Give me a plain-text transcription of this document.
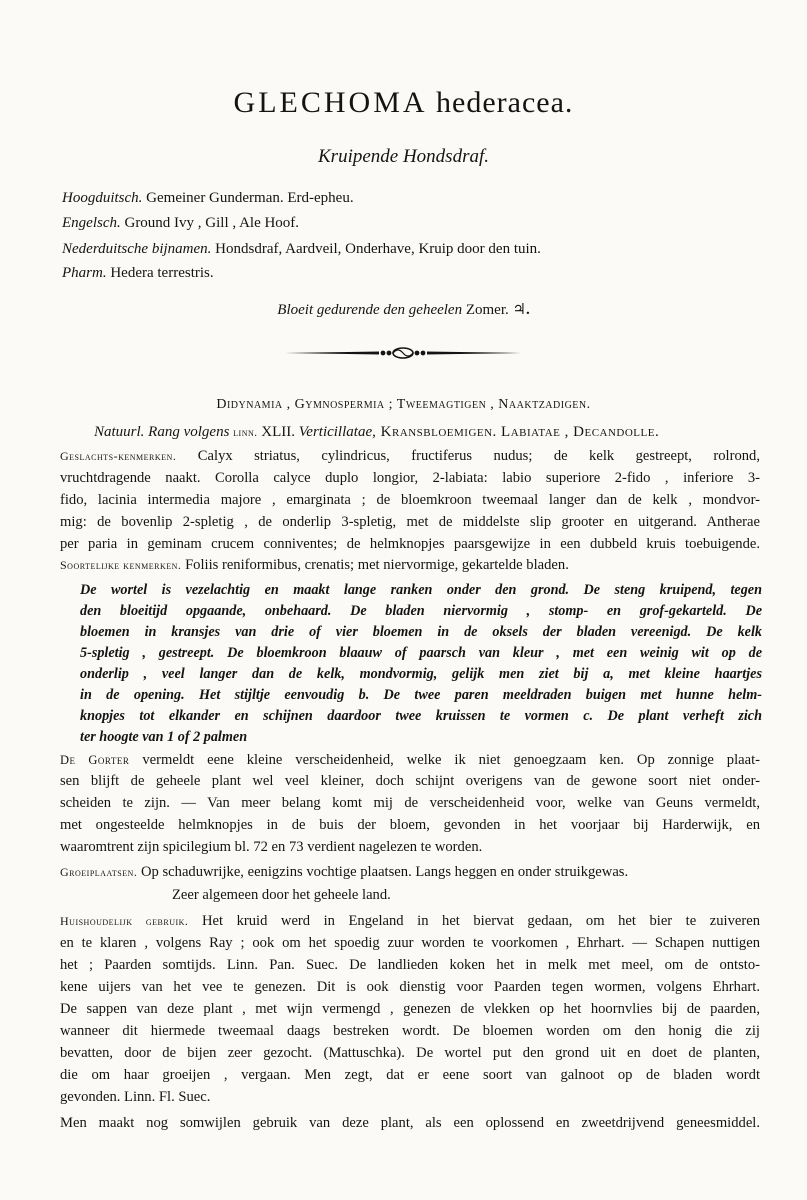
GLECHOMA hederacea.
Kruipende Hondsdraf.
Hoogduitsch. Gemeiner Gunderman. Erd-epheu.
Engelsch. Ground Ivy , Gill , Ale Hoof.
Nederduitsche bijnamen. Hondsdraf, Aardveil, Onderhave, Kruip door den tuin.
Pharm. Hedera terrestris.
Bloeit gedurende den geheelen Zomer. ♃.
Didynamia , Gymnospermia ; Tweemagtigen , Naaktzadigen.
Natuurl. Rang volgens linn. XLII. Verticillatae, Kransbloemigen. Labiatae , Decandolle.
Geslachts-kenmerken. Calyx striatus, cylindricus, fructiferus nudus; de kelk gestreept, rolrond,
vruchtdragende naakt. Corolla calyce duplo longior, 2-labiata: labio superiore 2-fido , inferiore 3-
fido, lacinia intermedia majore , emarginata ; de bloemkroon tweemaal langer dan de kelk , mondvor-
mig: de bovenlip 2-spletig , de onderlip 3-spletig, met de middelste slip grooter en uitgerand. Antherae
per paria in geminam crucem conniventes; de helmknopjes paarsgewijze in een dubbeld kruis toebuigende.
Soortelijke kenmerken. Foliis reniformibus, crenatis; met niervormige, gekartelde bladen.
De wortel is vezelachtig en maakt lange ranken onder den grond. De steng kruipend, tegen
den bloeitijd opgaande, onbehaard. De bladen niervormig , stomp- en grof-gekarteld. De
bloemen in kransjes van drie of vier bloemen in de oksels der bladen vereenigd. De kelk
5-spletig , gestreept. De bloemkroon blaauw of paarsch van kleur , met een weinig wit op de
onderlip , veel langer dan de kelk, mondvormig, gelijk men ziet bij a, met kleine haartjes
in de opening. Het stijltje eenvoudig b. De twee paren meeldraden buigen met hunne helm-
knopjes tot elkander en schijnen daardoor twee kruissen te vormen c. De plant verheft zich
ter hoogte van 1 of 2 palmen
De Gorter vermeldt eene kleine verscheidenheid, welke ik niet genoegzaam ken. Op zonnige plaat-
sen blijft de geheele plant wel veel kleiner, doch schijnt overigens van de gewone soort niet onder-
scheiden te zijn. — Van meer belang komt mij de verscheidenheid voor, welke van Geuns vermeldt,
met ongesteelde helmknopjes in de buis der bloem, gevonden in het voorjaar bij Harderwijk, en
waaromtrent zijn spicilegium bl. 72 en 73 verdient nagelezen te worden.
Groeiplaatsen. Op schaduwrijke, eenigzins vochtige plaatsen. Langs heggen en onder struikgewas.
Zeer algemeen door het geheele land.
Huishoudelijk gebruik. Het kruid werd in Engeland in het biervat gedaan, om het bier te zuiveren
en te klaren , volgens Ray ; ook om het spoedig zuur worden te voorkomen , Ehrhart. — Schapen nuttigen
het ; Paarden somtijds. Linn. Pan. Suec. De landlieden koken het in melk met meel, om de ontsto-
kene uijers van het vee te genezen. Dit is ook dienstig voor Paarden tegen wormen, volgens Ehrhart.
De sappen van deze plant , met wijn vermengd , genezen de vlekken op het hoornvlies bij de paarden,
wanneer dit hiermede tweemaal daags bestreken wordt. De bloemen worden om den honig die zij
bevatten, door de bijen zeer gezocht. (Mattuschka). De wortel put den grond uit en doet de planten,
die om haar groeijen , vergaan. Men zegt, dat er eene soort van galnoot op de bladen wordt
gevonden. Linn. Fl. Suec.
Men maakt nog somwijlen gebruik van deze plant, als een oplossend en zweetdrijvend geneesmiddel.
